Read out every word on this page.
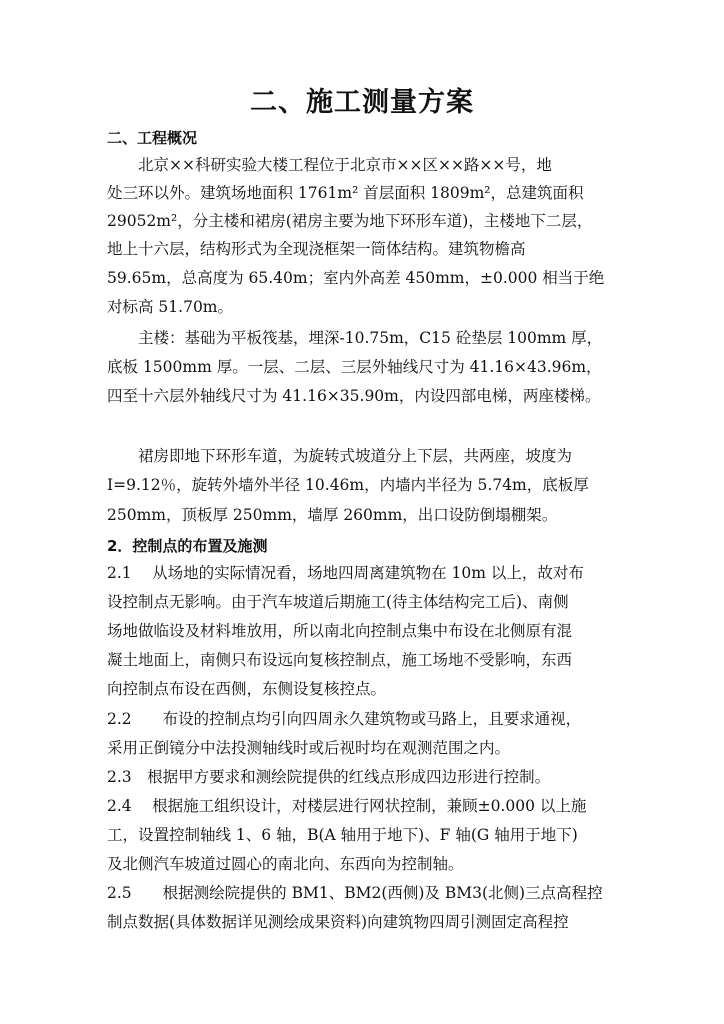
二、施工测量方案
二、工程概况
北京××科研实验大楼工程位于北京市××区××路××号，地
处三环以外。建筑场地面积 1761m² 首层面积 1809m²，总建筑面积
29052m²，分主楼和裙房(裙房主要为地下环形车道)，主楼地下二层，
地上十六层，结构形式为全现浇框架一筒体结构。建筑物檐高
59.65m，总高度为 65.40m；室内外高差 450mm，±0.000 相当于绝
对标高 51.70m。
主楼：基础为平板筏基，埋深-10.75m，C15 砼垫层 100mm 厚，
底板 1500mm 厚。一层、二层、三层外轴线尺寸为 41.16×43.96m，
四至十六层外轴线尺寸为 41.16×35.90m，内设四部电梯，两座楼梯。
裙房即地下环形车道，为旋转式坡道分上下层，共两座，坡度为
I=9.12％，旋转外墙外半径 10.46m，内墙内半径为 5.74m，底板厚
250mm，顶板厚 250mm，墙厚 260mm，出口设防倒塌棚架。
2．控制点的布置及施测
2.1　 从场地的实际情况看，场地四周离建筑物在 10m 以上，故对布
设控制点无影响。由于汽车坡道后期施工(待主体结构完工后)、南侧
场地做临设及材料堆放用，所以南北向控制点集中布设在北侧原有混
凝土地面上，南侧只布设远向复核控制点，施工场地不受影响，东西
向控制点布设在西侧，东侧设复核控点。
2.2　　布设的控制点均引向四周永久建筑物或马路上，且要求通视，
采用正倒镜分中法投测轴线时或后视时均在观测范围之内。
2.3　根据甲方要求和测绘院提供的红线点形成四边形进行控制。
2.4　 根据施工组织设计，对楼层进行网状控制，兼顾±0.000 以上施
工，设置控制轴线 1、6 轴，B(A 轴用于地下)、F 轴(G 轴用于地下)
及北侧汽车坡道过圆心的南北向、东西向为控制轴。
2.5　　根据测绘院提供的 BM1、BM2(西侧)及 BM3(北侧)三点高程控
制点数据(具体数据详见测绘成果资料)向建筑物四周引测固定高程控
